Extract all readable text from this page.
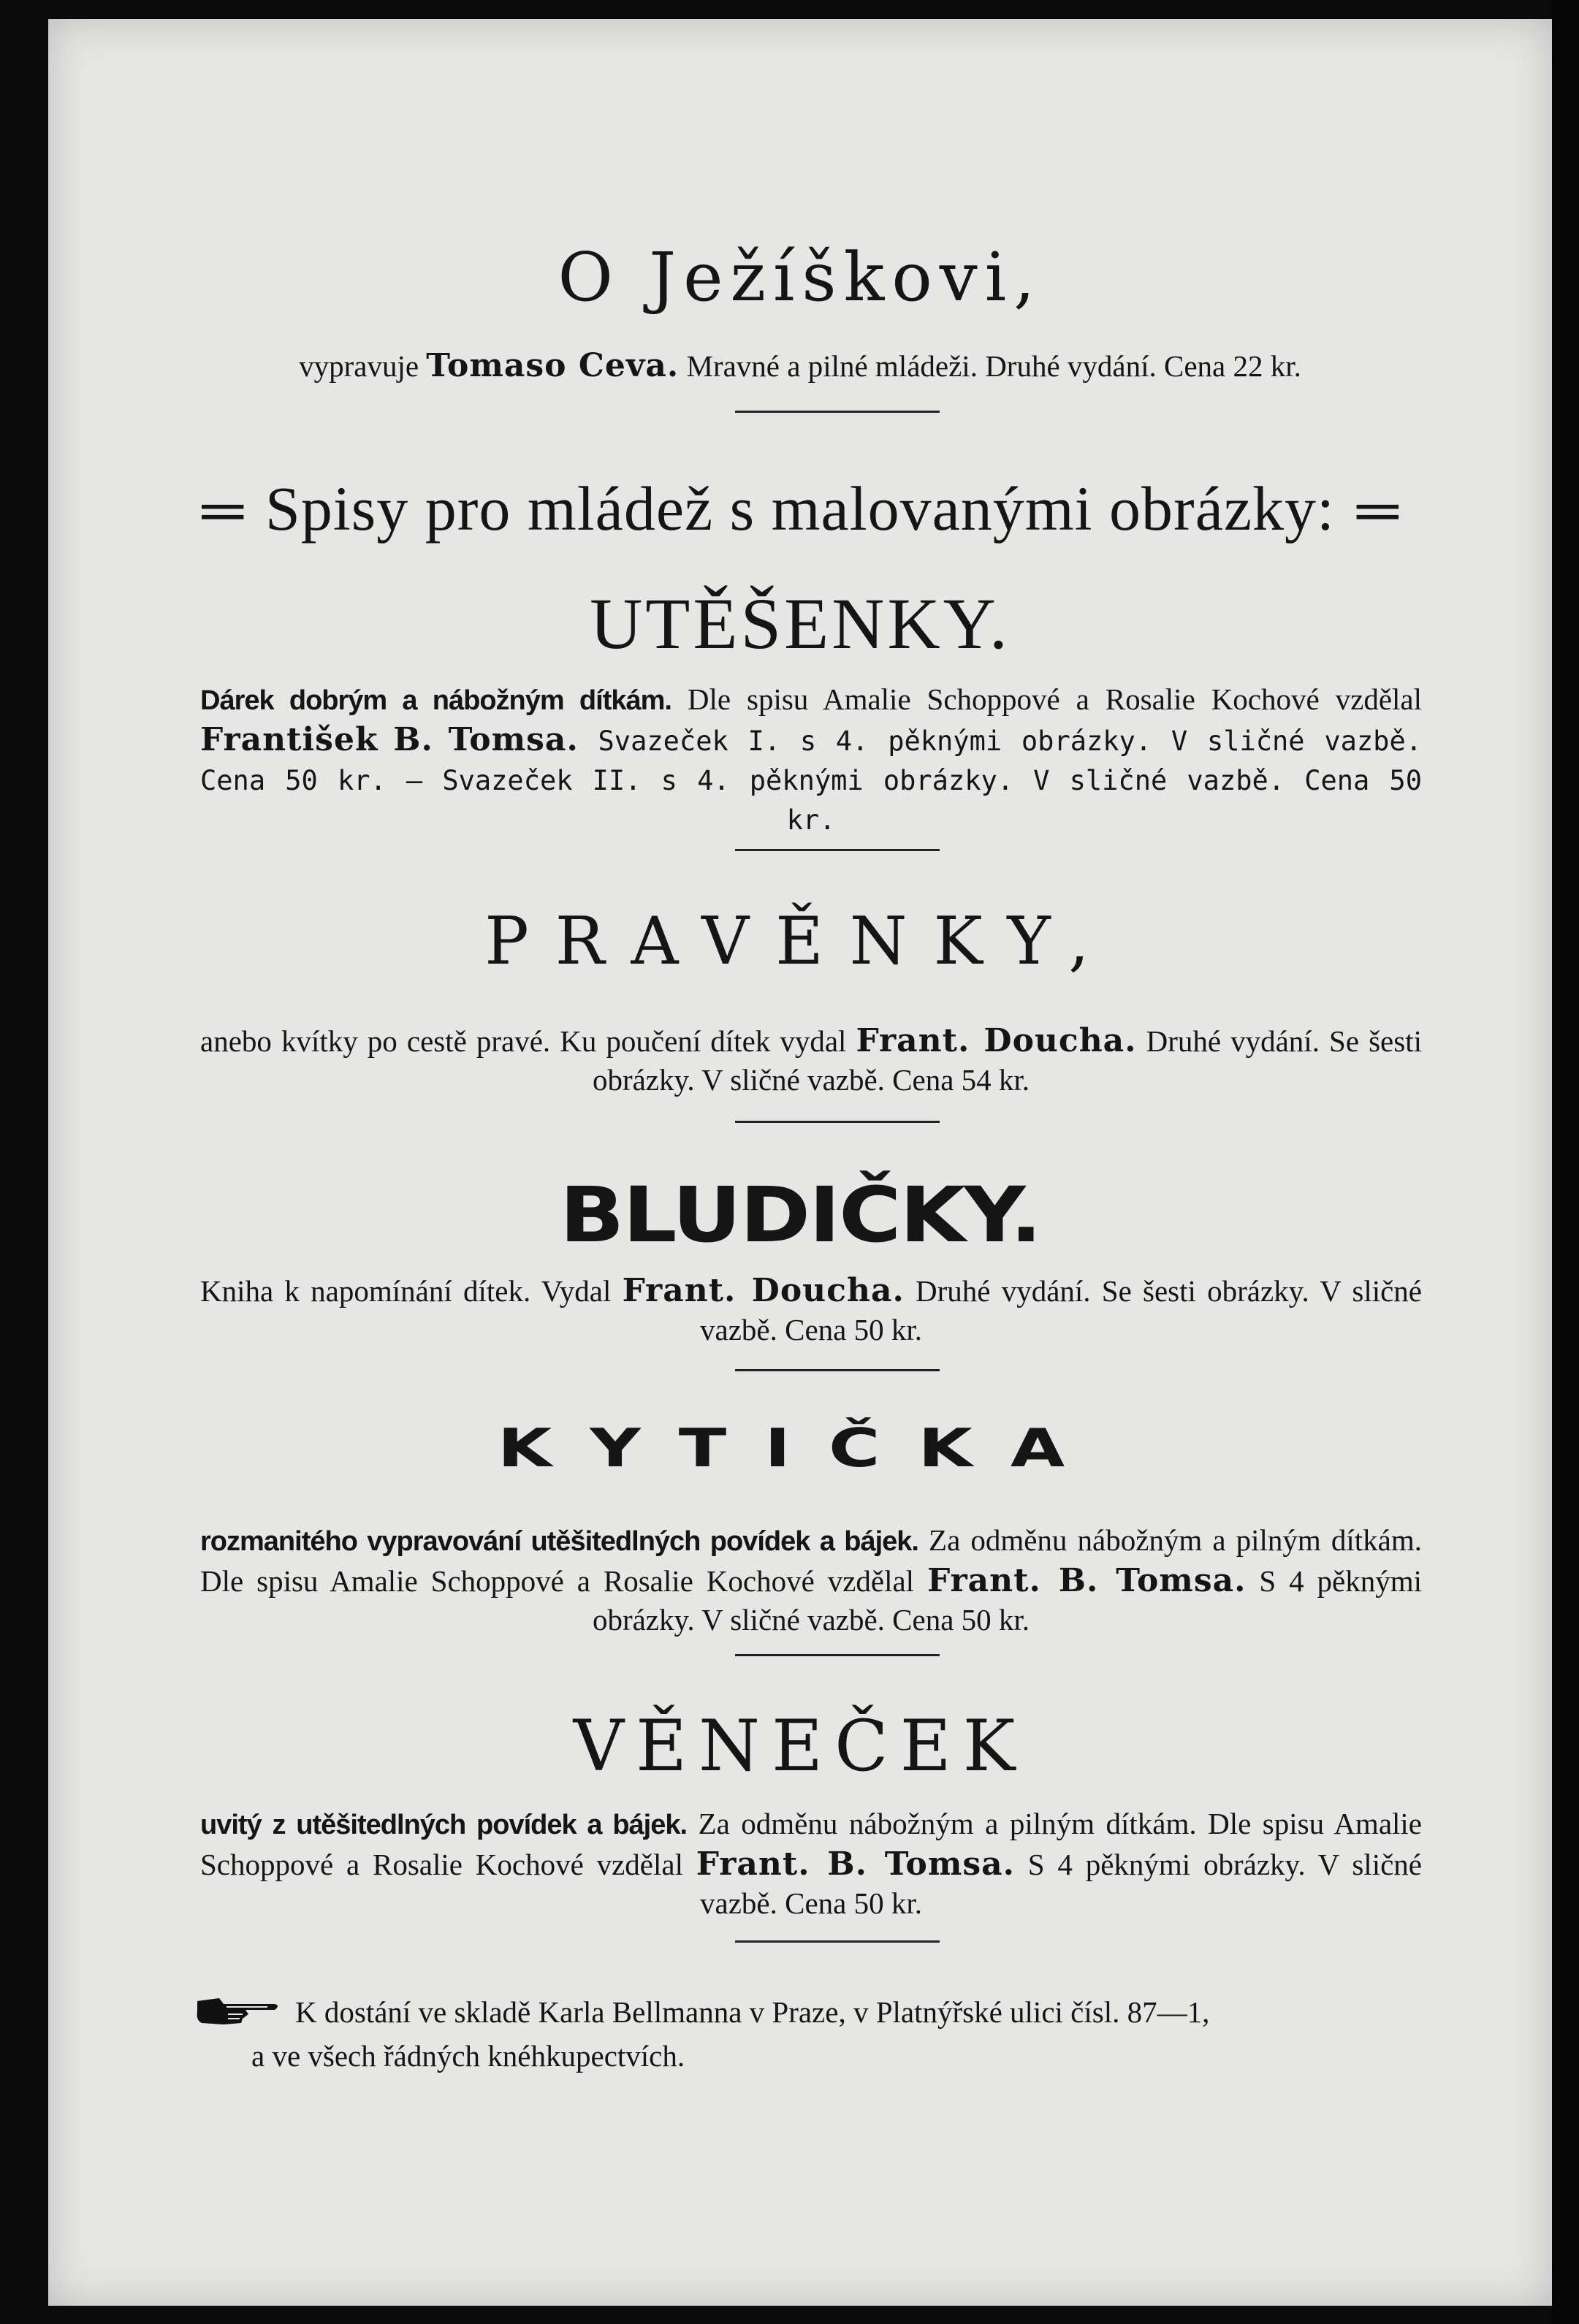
O Ježíškovi,
vypravuje Tomaso Ceva. Mravné a pilné mládeži. Druhé vydání. Cena 22 kr.
═ Spisy pro mládež s malovanými obrázky: ═
UTĚŠENKY.
Dárek dobrým a nábožným dítkám. Dle spisu Amalie Schoppové a Rosalie Kochové vzdělal František B. Tomsa. Svazeček I. s 4. pěknými obrázky. V sličné vazbě. Cena 50 kr. — Svazeček II. s 4. pěknými obrázky. V sličné vazbě. Cena 50 kr.
PRAVĚNKY,
anebo kvítky po cestě pravé. Ku poučení dítek vydal Frant. Doucha. Druhé vydání. Se šesti obrázky. V sličné vazbě. Cena 54 kr.
BLUDIČKY.
Kniha k napomínání dítek. Vydal Frant. Doucha. Druhé vydání. Se šesti obrázky. V sličné vazbě. Cena 50 kr.
KYTIČKA
rozmanitého vypravování utěšitedlných povídek a bájek. Za odměnu nábožným a pilným dítkám. Dle spisu Amalie Schoppové a Rosalie Kochové vzdělal Frant. B. Tomsa. S 4 pěknými obrázky. V sličné vazbě. Cena 50 kr.
VĚNEČEK
uvitý z utěšitedlných povídek a bájek. Za odměnu nábožným a pilným dítkám. Dle spisu Amalie Schoppové a Rosalie Kochové vzdělal Frant. B. Tomsa. S 4 pěknými obrázky. V sličné vazbě. Cena 50 kr.
K dostání ve skladě Karla Bellmanna v Praze, v Platnýřské ulici čísl. 87—1,
a ve všech řádných knéhkupectvích.
